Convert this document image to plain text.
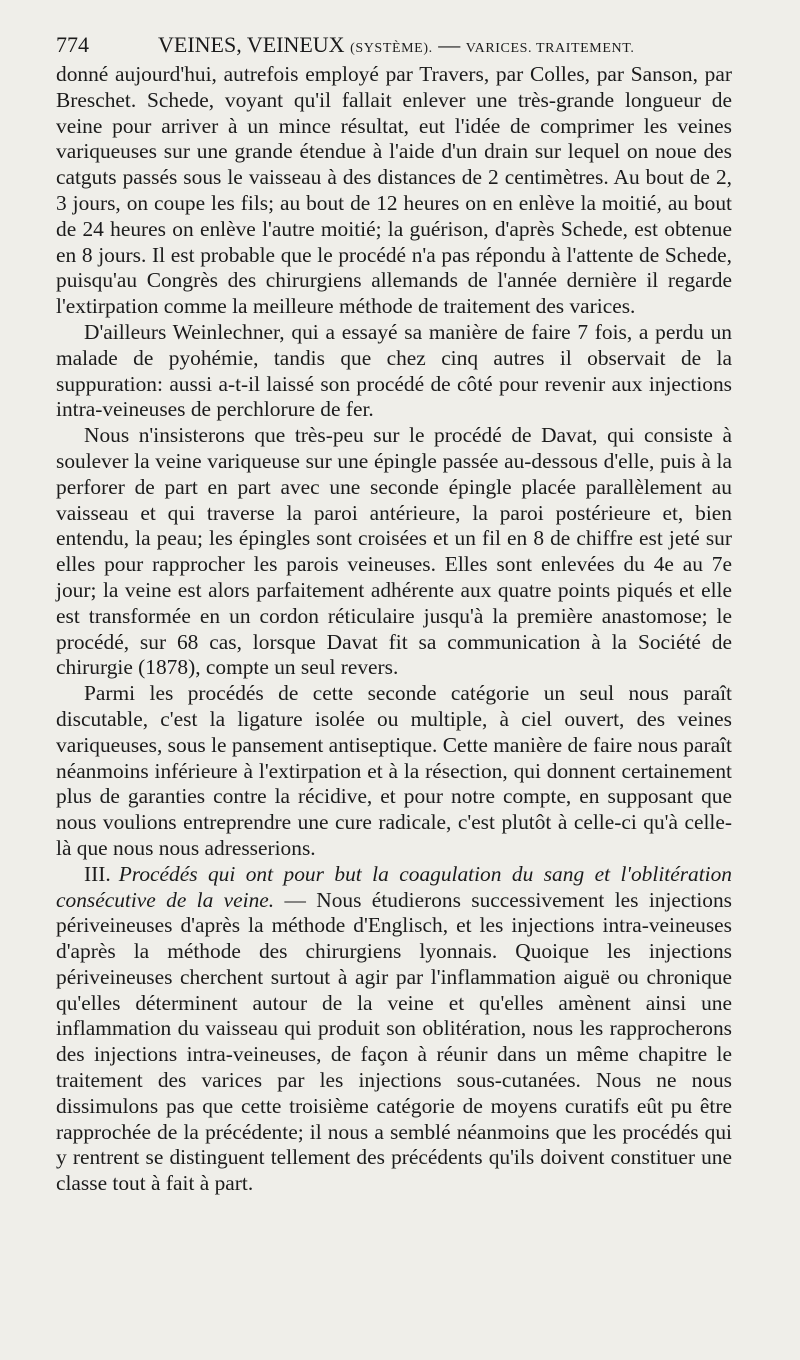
774	VEINES, VEINEUX (SYSTÈME). — VARICES. TRAITEMENT.

donné aujourd'hui, autrefois employé par Travers, par Colles, par Sanson, par Breschet. Schede, voyant qu'il fallait enlever une très-grande longueur de veine pour arriver à un mince résultat, eut l'idée de comprimer les veines variqueuses sur une grande étendue à l'aide d'un drain sur lequel on noue des catguts passés sous le vaisseau à des distances de 2 centimètres. Au bout de 2, 3 jours, on coupe les fils; au bout de 12 heures on en enlève la moitié, au bout de 24 heures on enlève l'autre moitié; la guérison, d'après Schede, est obtenue en 8 jours. Il est probable que le procédé n'a pas répondu à l'attente de Schede, puisqu'au Congrès des chirurgiens allemands de l'année dernière il regarde l'extirpation comme la meilleure méthode de traitement des varices.

D'ailleurs Weinlechner, qui a essayé sa manière de faire 7 fois, a perdu un malade de pyohémie, tandis que chez cinq autres il observait de la suppuration: aussi a-t-il laissé son procédé de côté pour revenir aux injections intra-veineuses de perchlorure de fer.

Nous n'insisterons que très-peu sur le procédé de Davat, qui consiste à soulever la veine variqueuse sur une épingle passée au-dessous d'elle, puis à la perforer de part en part avec une seconde épingle placée parallèlement au vaisseau et qui traverse la paroi antérieure, la paroi postérieure et, bien entendu, la peau; les épingles sont croisées et un fil en 8 de chiffre est jeté sur elles pour rapprocher les parois veineuses. Elles sont enlevées du 4e au 7e jour; la veine est alors parfaitement adhérente aux quatre points piqués et elle est transformée en un cordon réticulaire jusqu'à la première anastomose; le procédé, sur 68 cas, lorsque Davat fit sa communication à la Société de chirurgie (1878), compte un seul revers.

Parmi les procédés de cette seconde catégorie un seul nous paraît discutable, c'est la ligature isolée ou multiple, à ciel ouvert, des veines variqueuses, sous le pansement antiseptique. Cette manière de faire nous paraît néanmoins inférieure à l'extirpation et à la résection, qui donnent certainement plus de garanties contre la récidive, et pour notre compte, en supposant que nous voulions entreprendre une cure radicale, c'est plutôt à celle-ci qu'à celle-là que nous nous adresserions.

III. Procédés qui ont pour but la coagulation du sang et l'oblitération consécutive de la veine. — Nous étudierons successivement les injections périveineuses d'après la méthode d'Englisch, et les injections intra-veineuses d'après la méthode des chirurgiens lyonnais. Quoique les injections périveineuses cherchent surtout à agir par l'inflammation aiguë ou chronique qu'elles déterminent autour de la veine et qu'elles amènent ainsi une inflammation du vaisseau qui produit son oblitération, nous les rapprocherons des injections intra-veineuses, de façon à réunir dans un même chapitre le traitement des varices par les injections sous-cutanées. Nous ne nous dissimulons pas que cette troisième catégorie de moyens curatifs eût pu être rapprochée de la précédente; il nous a semblé néanmoins que les procédés qui y rentrent se distinguent tellement des précédents qu'ils doivent constituer une classe tout à fait à part.
